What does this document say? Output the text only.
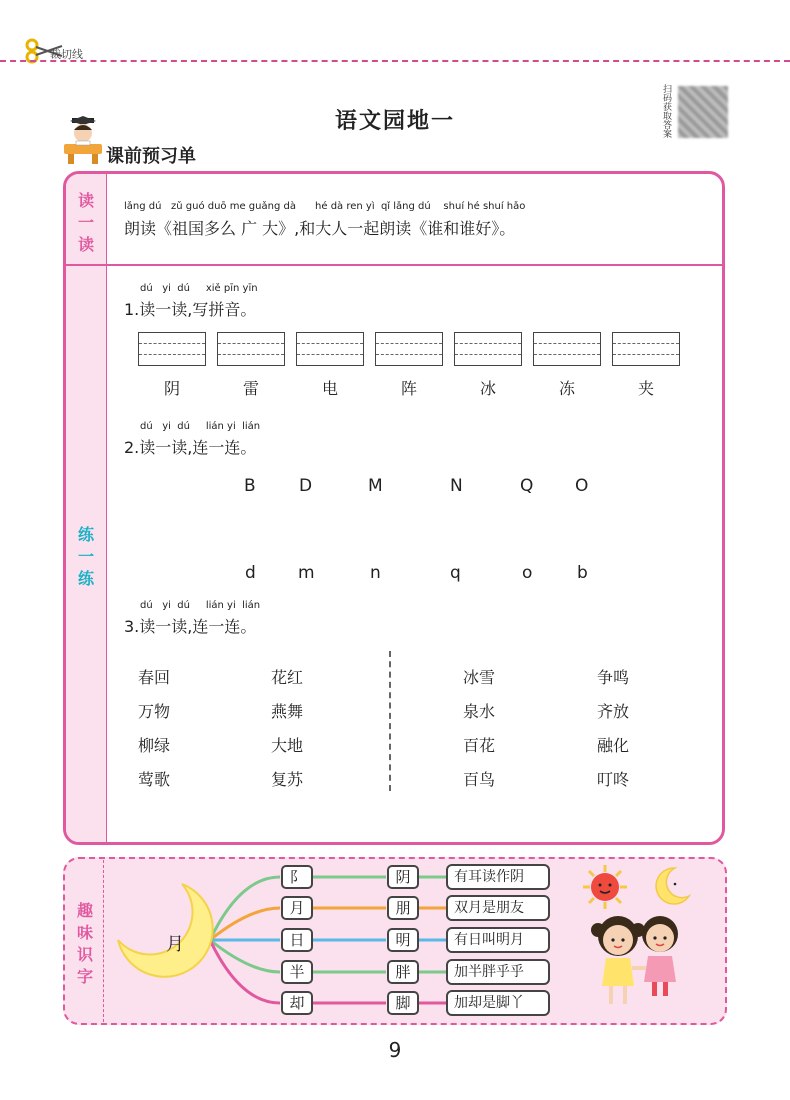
裁切线
语文园地一
扫码获取答案
课前预习单
读
一
读
练
一
练
lǎng dú   zǔ guó duō me guǎng dà      hé dà ren yì  qǐ lǎng dú    shuí hé shuí hǎo
朗读《祖国多么 广 大》,和大人一起朗读《谁和谁好》。
dú   yi  dú     xiě pīn yīn
1.读一读,写拼音。
阴	雷	电	阵	冰	冻	夹
dú   yi  dú     lián yi  lián
2.读一读,连一连。
B	D	M	N	Q O
d m	n	q	o	b
dú   yi  dú     lián yi  lián
3.读一读,连一连。
春回
万物
柳绿
莺歌
花红
燕舞
大地
复苏
冰雪
泉水
百花
百鸟
争鸣
齐放
融化
叮咚
趣
味
识
字
月
阝
月
日
半
却
阴
朋
明
胖
脚
有耳读作阴
双月是朋友
有日叫明月
加半胖乎乎
加却是脚丫
9
